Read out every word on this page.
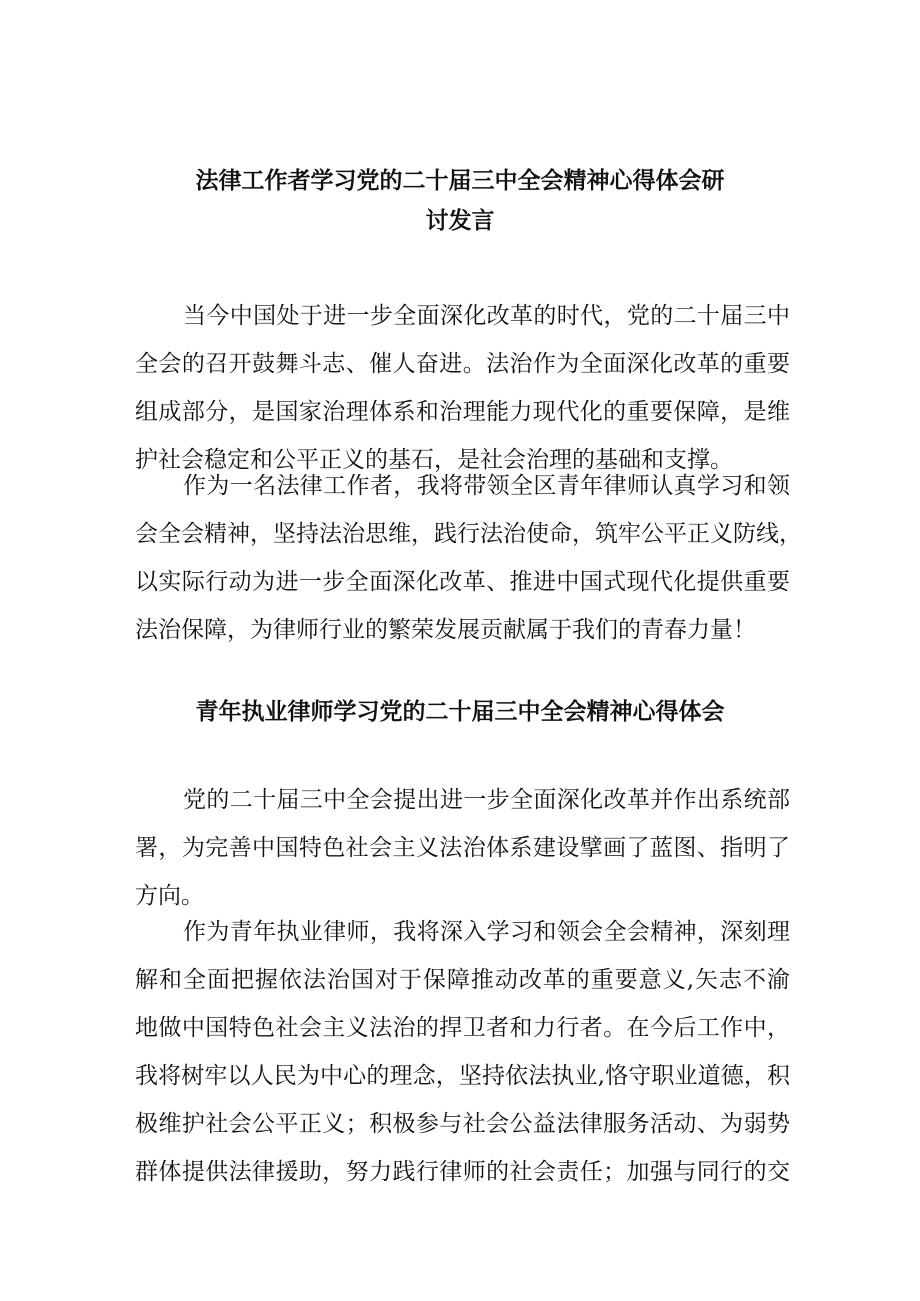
法律工作者学习党的二十届三中全会精神心得体会研
讨发言
当今中国处于进一步全面深化改革的时代，党的二十届三中
全会的召开鼓舞斗志、催人奋进。法治作为全面深化改革的重要
组成部分，是国家治理体系和治理能力现代化的重要保障，是维
护社会稳定和公平正义的基石，是社会治理的基础和支撑。
作为一名法律工作者，我将带领全区青年律师认真学习和领
会全会精神，坚持法治思维，践行法治使命，筑牢公平正义防线，
以实际行动为进一步全面深化改革、推进中国式现代化提供重要
法治保障，为律师行业的繁荣发展贡献属于我们的青春力量！
青年执业律师学习党的二十届三中全会精神心得体会
党的二十届三中全会提出进一步全面深化改革并作出系统部
署，为完善中国特色社会主义法治体系建设擘画了蓝图、指明了
方向。
作为青年执业律师，我将深入学习和领会全会精神，深刻理
解和全面把握依法治国对于保障推动改革的重要意义,矢志不渝
地做中国特色社会主义法治的捍卫者和力行者。在今后工作中，
我将树牢以人民为中心的理念，坚持依法执业,恪守职业道德，积
极维护社会公平正义；积极参与社会公益法律服务活动、为弱势
群体提供法律援助，努力践行律师的社会责任；加强与同行的交
